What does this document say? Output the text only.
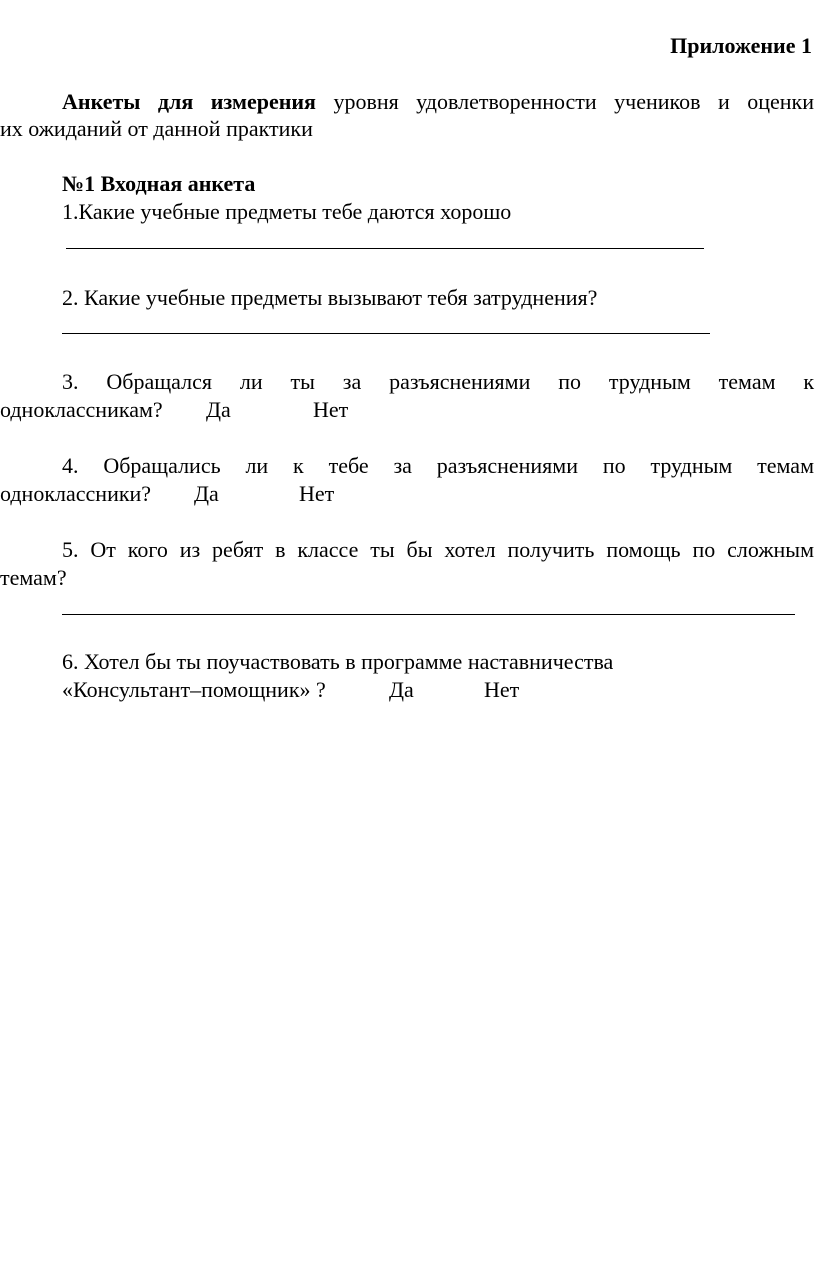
Приложение 1
Анкеты для измерения уровня удовлетворенности учеников и оценки
их ожиданий от данной практики
№1 Входная анкета
1.Какие учебные предметы тебе даются хорошо
2. Какие учебные предметы вызывают тебя затруднения?
3. Обращался ли ты за разъяснениями по трудным темам к
одноклассникам? Да	Нет
4. Обращались ли к тебе за разъяснениями по трудным темам
одноклассники? Да	Нет
5. От кого из ребят в классе ты бы хотел получить помощь по сложным
темам?
6. Хотел бы ты поучаствовать в программе наставничества
«Консультант–помощник» ?	Да	Нет
